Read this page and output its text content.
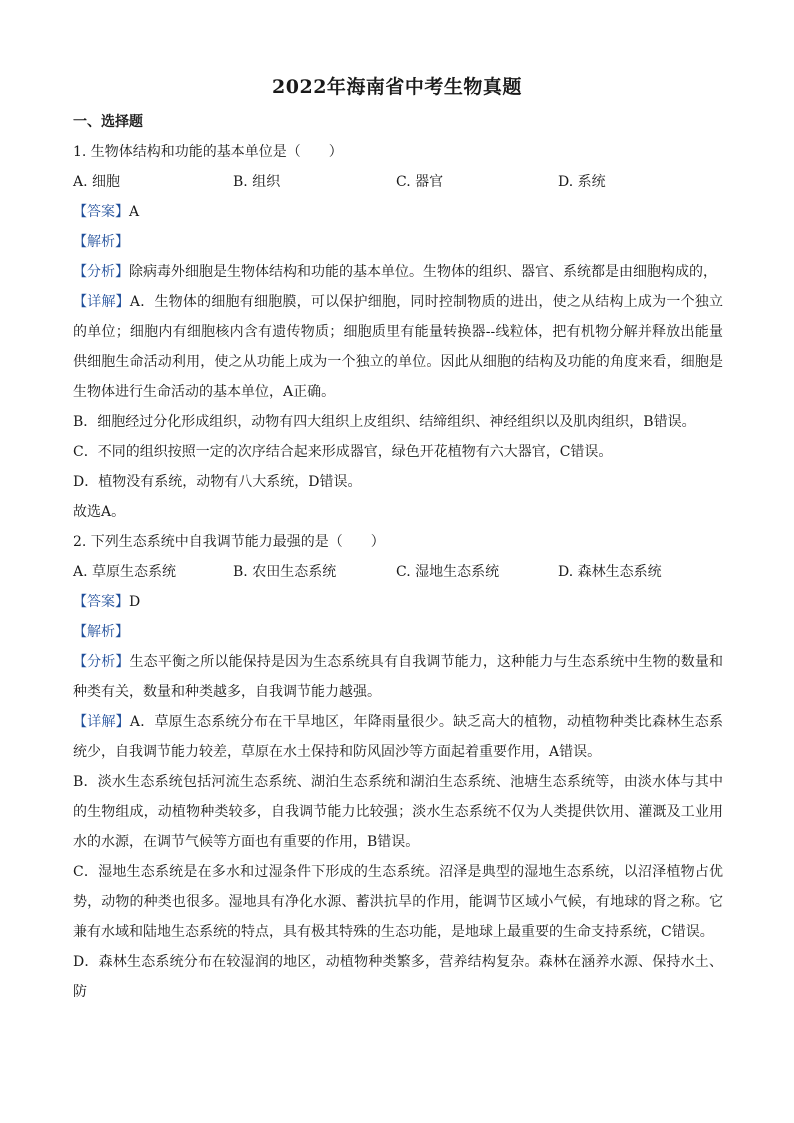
2022年海南省中考生物真题
一、选择题
1. 生物体结构和功能的基本单位是（　　）
A. 细胞	B. 组织	C. 器官	D. 系统
【答案】A
【解析】
【分析】除病毒外细胞是生物体结构和功能的基本单位。生物体的组织、器官、系统都是由细胞构成的，
【详解】A．生物体的细胞有细胞膜，可以保护细胞，同时控制物质的进出，使之从结构上成为一个独立的单位；细胞内有细胞核内含有遗传物质；细胞质里有能量转换器--线粒体，把有机物分解并释放出能量供细胞生命活动利用，使之从功能上成为一个独立的单位。因此从细胞的结构及功能的角度来看，细胞是生物体进行生命活动的基本单位，A正确。
B．细胞经过分化形成组织，动物有四大组织上皮组织、结缔组织、神经组织以及肌肉组织，B错误。
C．不同的组织按照一定的次序结合起来形成器官，绿色开花植物有六大器官，C错误。
D．植物没有系统，动物有八大系统，D错误。
故选A。
2. 下列生态系统中自我调节能力最强的是（　　）
A. 草原生态系统	B. 农田生态系统	C. 湿地生态系统	D. 森林生态系统
【答案】D
【解析】
【分析】生态平衡之所以能保持是因为生态系统具有自我调节能力，这种能力与生态系统中生物的数量和种类有关，数量和种类越多，自我调节能力越强。
【详解】A．草原生态系统分布在干旱地区，年降雨量很少。缺乏高大的植物，动植物种类比森林生态系统少，自我调节能力较差，草原在水土保持和防风固沙等方面起着重要作用，A错误。
B．淡水生态系统包括河流生态系统、湖泊生态系统和湖泊生态系统、池塘生态系统等，由淡水体与其中的生物组成，动植物种类较多，自我调节能力比较强；淡水生态系统不仅为人类提供饮用、灌溉及工业用水的水源，在调节气候等方面也有重要的作用，B错误。
C．湿地生态系统是在多水和过湿条件下形成的生态系统。沼泽是典型的湿地生态系统，以沼泽植物占优势，动物的种类也很多。湿地具有净化水源、蓄洪抗旱的作用，能调节区域小气候，有地球的肾之称。它兼有水域和陆地生态系统的特点，具有极其特殊的生态功能，是地球上最重要的生命支持系统，C错误。
D．森林生态系统分布在较湿润的地区，动植物种类繁多，营养结构复杂。森林在涵养水源、保持水土、防
